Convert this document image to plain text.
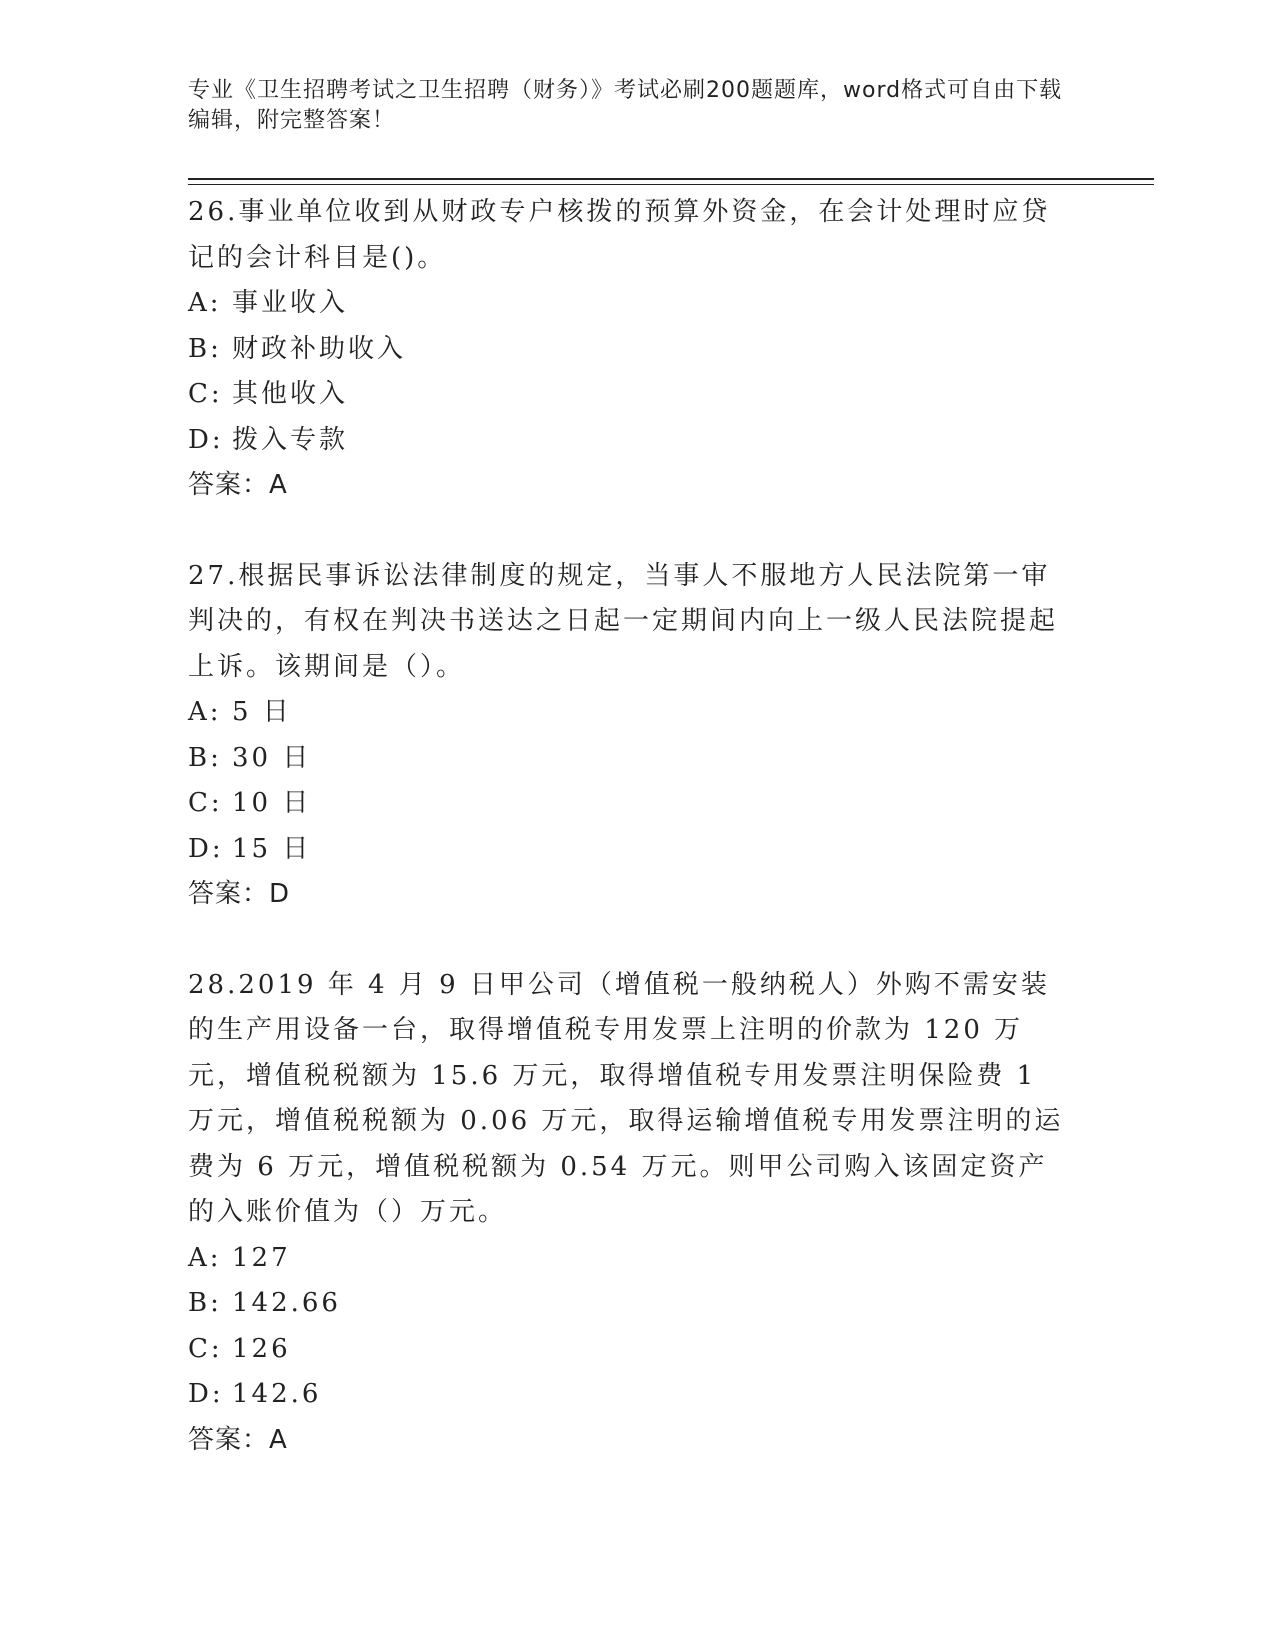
专业《卫生招聘考试之卫生招聘（财务）》考试必刷200题题库，word格式可自由下载编辑，附完整答案！

26.事业单位收到从财政专户核拨的预算外资金，在会计处理时应贷记的会计科目是()。

A: 事业收入
B: 财政补助收入
C: 其他收入
D: 拨入专款

答案：A

27.根据民事诉讼法律制度的规定，当事人不服地方人民法院第一审判决的，有权在判决书送达之日起一定期间内向上一级人民法院提起上诉。该期间是（）。

A: 5 日
B: 30 日
C: 10 日
D: 15 日

答案：D

28.2019 年 4 月 9 日甲公司（增值税一般纳税人）外购不需安装的生产用设备一台，取得增值税专用发票上注明的价款为 120 万元，增值税税额为 15.6 万元，取得增值税专用发票注明保险费 1 万元，增值税税额为 0.06 万元，取得运输增值税专用发票注明的运费为 6 万元，增值税税额为 0.54 万元。则甲公司购入该固定资产的入账价值为（）万元。

A: 127
B: 142.66
C: 126
D: 142.6

答案：A
